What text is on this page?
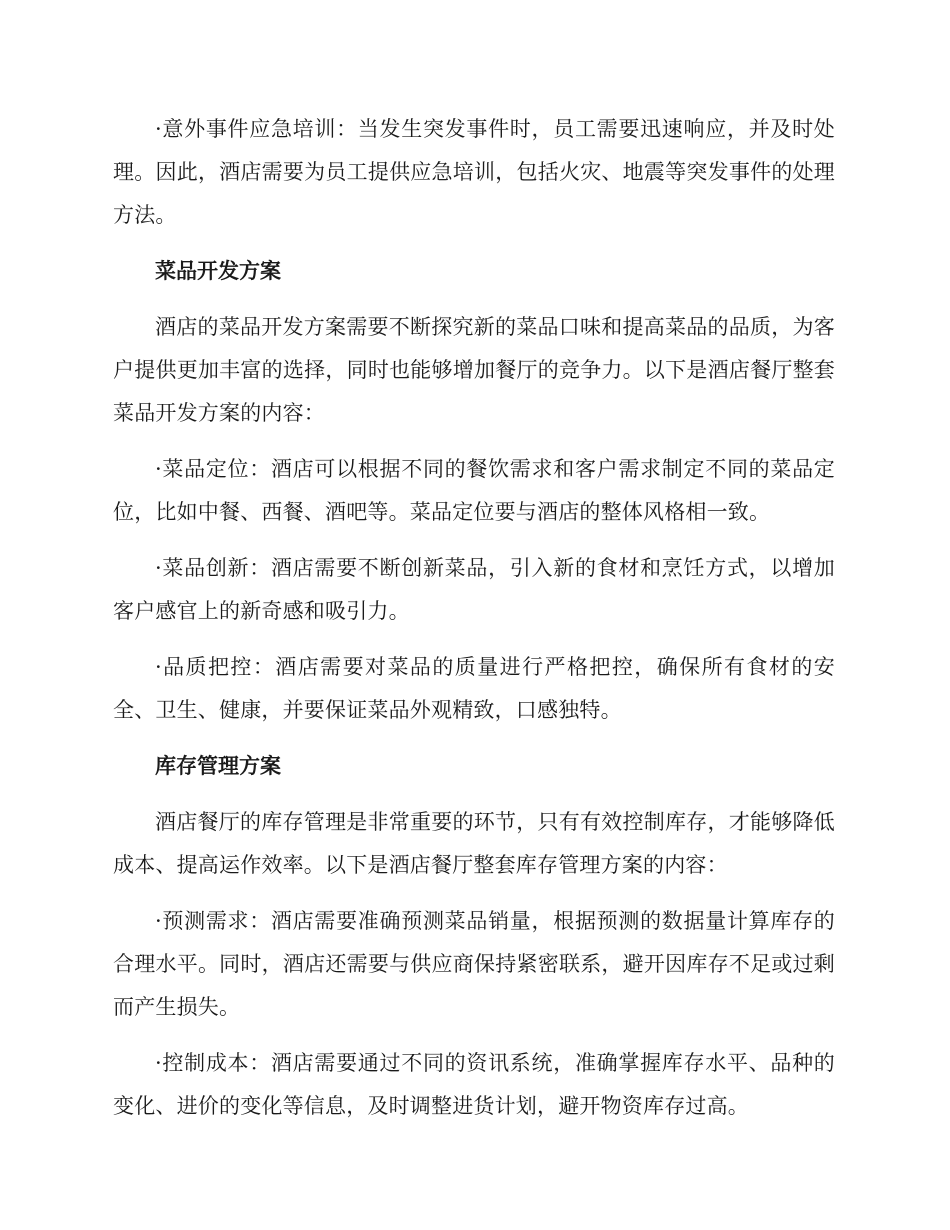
·意外事件应急培训：当发生突发事件时，员工需要迅速响应，并及时处理。因此，酒店需要为员工提供应急培训，包括火灾、地震等突发事件的处理方法。

菜品开发方案

酒店的菜品开发方案需要不断探究新的菜品口味和提高菜品的品质，为客户提供更加丰富的选择，同时也能够增加餐厅的竞争力。以下是酒店餐厅整套菜品开发方案的内容：

·菜品定位：酒店可以根据不同的餐饮需求和客户需求制定不同的菜品定位，比如中餐、西餐、酒吧等。菜品定位要与酒店的整体风格相一致。

·菜品创新：酒店需要不断创新菜品，引入新的食材和烹饪方式，以增加客户感官上的新奇感和吸引力。

·品质把控：酒店需要对菜品的质量进行严格把控，确保所有食材的安全、卫生、健康，并要保证菜品外观精致，口感独特。

库存管理方案

酒店餐厅的库存管理是非常重要的环节，只有有效控制库存，才能够降低成本、提高运作效率。以下是酒店餐厅整套库存管理方案的内容：

·预测需求：酒店需要准确预测菜品销量，根据预测的数据量计算库存的合理水平。同时，酒店还需要与供应商保持紧密联系，避开因库存不足或过剩而产生损失。

·控制成本：酒店需要通过不同的资讯系统，准确掌握库存水平、品种的变化、进价的变化等信息，及时调整进货计划，避开物资库存过高。
